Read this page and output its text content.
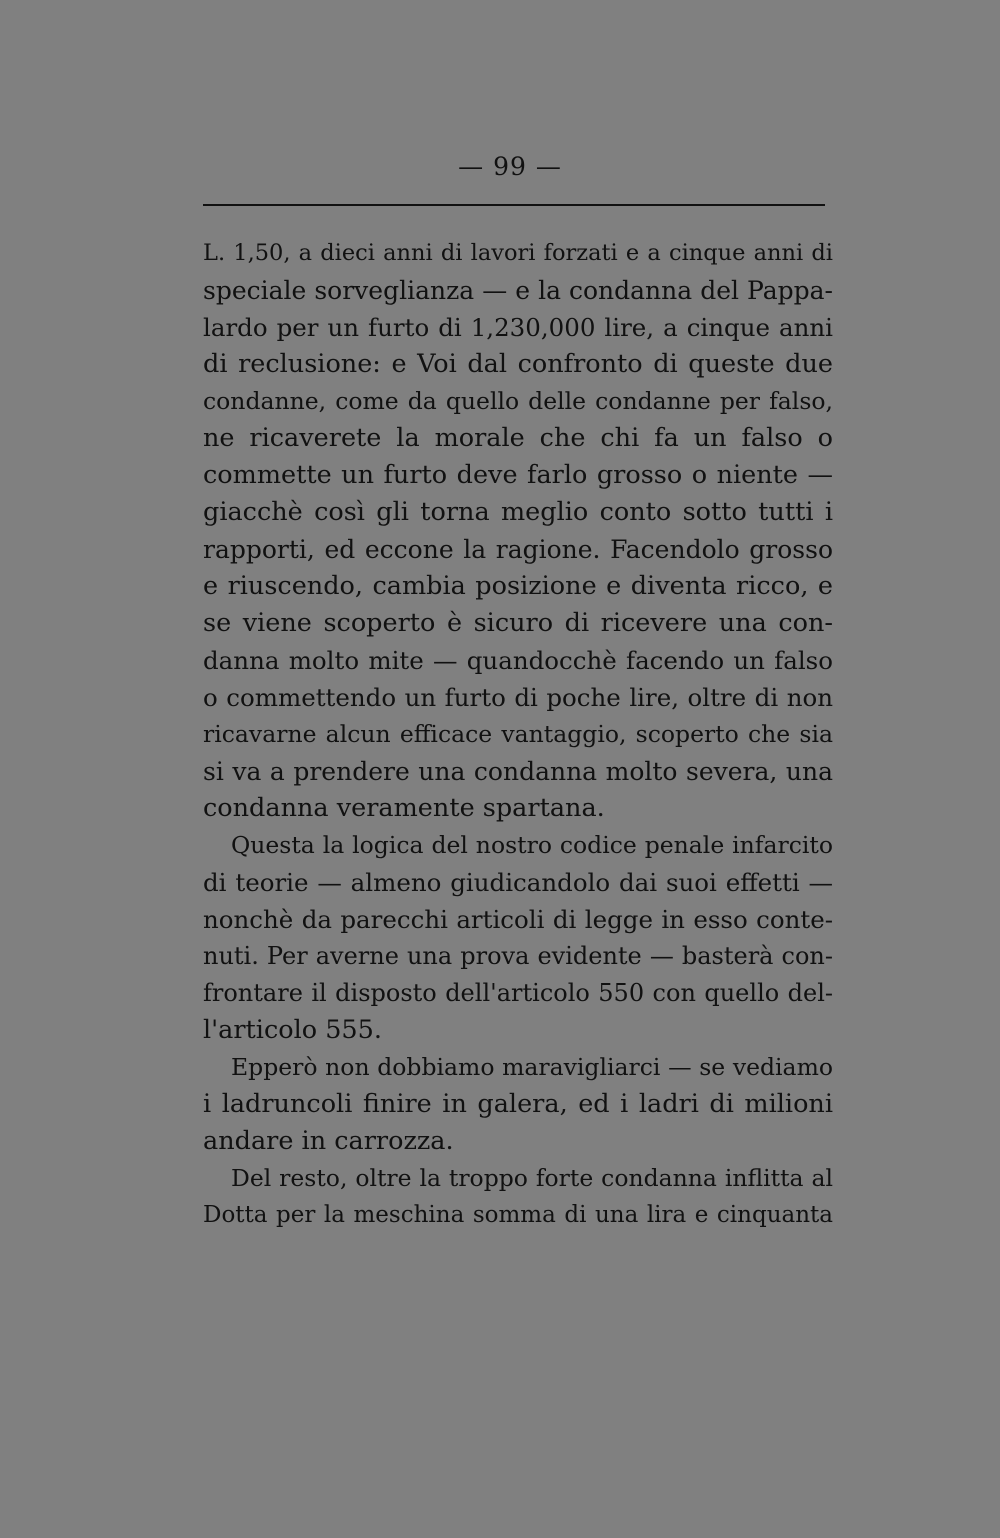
— 99 —
L. 1,50, a dieci anni di lavori forzati e a cinque anni di
speciale sorveglianza — e la condanna del Pappa-
lardo per un furto di 1,230,000 lire, a cinque anni
di reclusione: e Voi dal confronto di queste due
condanne, come da quello delle condanne per falso,
ne ricaverete la morale che chi fa un falso o
commette un furto deve farlo grosso o niente —
giacchè così gli torna meglio conto sotto tutti i
rapporti, ed eccone la ragione. Facendolo grosso
e riuscendo, cambia posizione e diventa ricco, e
se viene scoperto è sicuro di ricevere una con-
danna molto mite — quandocchè facendo un falso
o commettendo un furto di poche lire, oltre di non
ricavarne alcun efficace vantaggio, scoperto che sia
si va a prendere una condanna molto severa, una
condanna veramente spartana.
Questa la logica del nostro codice penale infarcito
di teorie — almeno giudicandolo dai suoi effetti —
nonchè da parecchi articoli di legge in esso conte-
nuti. Per averne una prova evidente — basterà con-
frontare il disposto dell'articolo 550 con quello del-
l'articolo 555.
Epperò non dobbiamo maravigliarci — se vediamo
i ladruncoli finire in galera, ed i ladri di milioni
andare in carrozza.
Del resto, oltre la troppo forte condanna inflitta al
Dotta per la meschina somma di una lira e cinquanta
